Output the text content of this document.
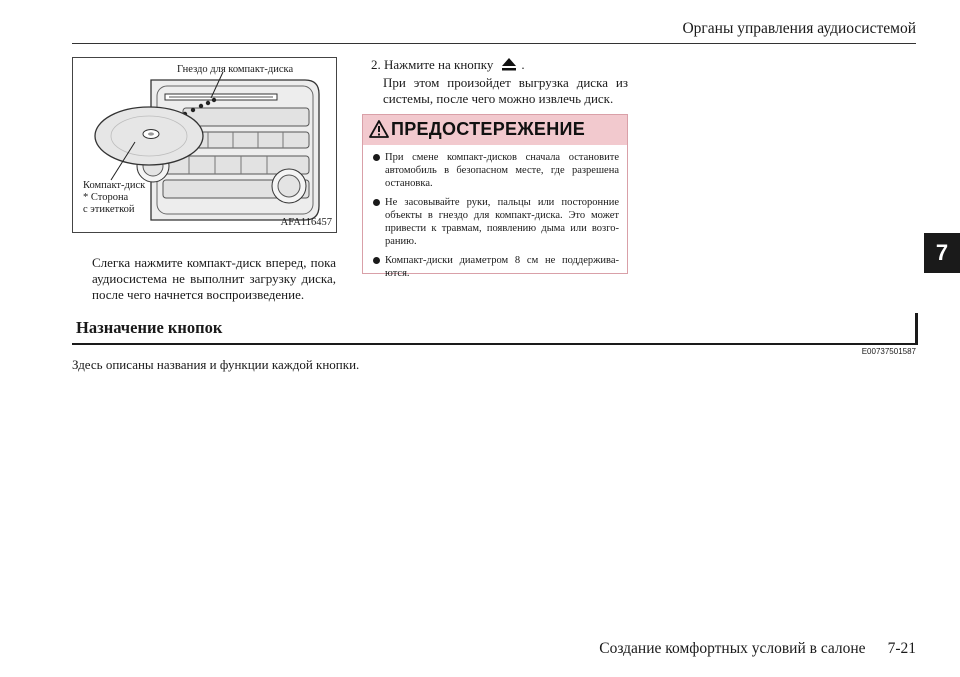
Органы управления аудиосистемой
7
Гнездо для компакт-диска
Компакт-диск
* Сторона
с этикеткой
AFA116457
Слегка нажмите компакт-диск вперед, пока аудиосистема не выполнит загрузку диска, после чего начнется воспроизведение.
2. Нажмите на кнопку .
При этом произойдет выгрузка диска из системы, после чего можно извлечь диск.
ПРЕДОСТЕРЕЖЕНИЕ
При смене компакт-дисков сначала остановите автомобиль в безопасном месте, где разрешена остановка.
Не засовывайте руки, пальцы или посторонние объекты в гнездо для компакт-диска. Это может привести к травмам, появлению дыма или возго-ранию.
Компакт-диски диаметром 8 см не поддержива-ются.
Назначение кнопок
E00737501587
Здесь описаны названия и функции каждой кнопки.
Создание комфортных условий в салоне 7-21
